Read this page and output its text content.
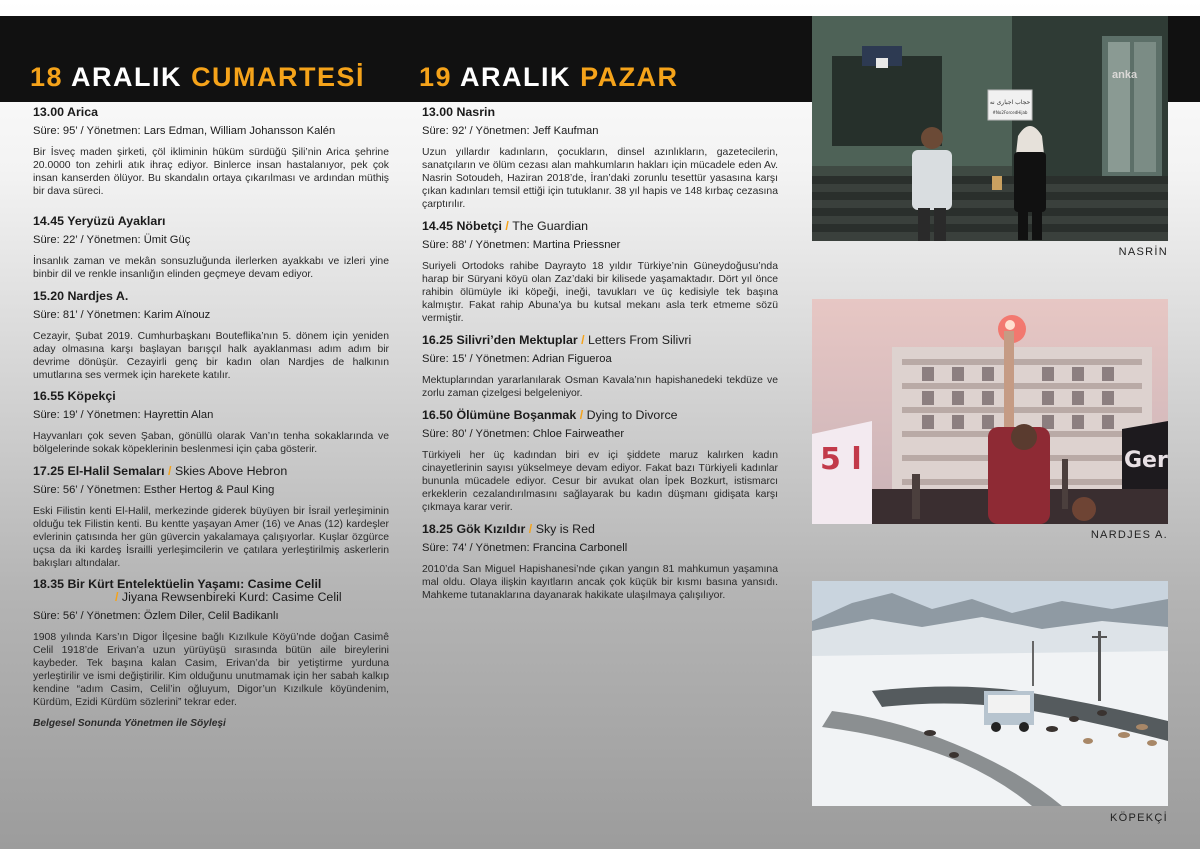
18 ARALIK CUMARTESİ 19 ARALIK PAZAR
13.00 Arica
Süre: 95’ / Yönetmen: Lars Edman, William Johansson Kalén

Bir İsveç maden şirketi, çöl ikliminin hüküm sürdüğü Şili’nin Arica şehrine 20.0000 ton zehirli atık ihraç ediyor. Binlerce insan hastalanıyor, pek çok insan kanserden ölüyor. Bu skandalın ortaya çıkarılması ve ardından müthiş bir dava süreci.

14.45 Yeryüzü Ayakları
Süre: 22’ / Yönetmen: Ümit Güç

İnsanlık zaman ve mekân sonsuzluğunda ilerlerken ayakkabı ve izleri yine binbir dil ve renkle insanlığın elinden geçmeye devam ediyor.

15.20 Nardjes A.
Süre: 81’ / Yönetmen: Karim Aïnouz

Cezayir, Şubat 2019. Cumhurbaşkanı Bouteflika’nın 5. dönem için yeniden aday olmasına karşı başlayan barışçıl halk ayaklanması adım adım bir devrime dönüşür. Cezayirli genç bir kadın olan Nardjes de halkının umutlarına ses vermek için harekete katılır.

16.55 Köpekçi
Süre: 19’ / Yönetmen: Hayrettin Alan

Hayvanları çok seven Şaban, gönüllü olarak Van’ın tenha sokaklarında ve bölgelerinde sokak köpeklerinin beslenmesi için çaba gösterir.

17.25 El-Halil Semaları / Skies Above Hebron
Süre: 56’ / Yönetmen: Esther Hertog & Paul King

Eski Filistin kenti El-Halil, merkezinde giderek büyüyen bir İsrail yerleşiminin olduğu tek Filistin kenti. Bu kentte yaşayan Amer (16) ve Anas (12) kardeşler evlerinin çatısında her gün güvercin yakalamaya çalışıyorlar. Kuşlar özgürce uçsa da iki kardeş İsrailli yerleşimcilerin ve çatılara yerleştirilmiş askerlerin bakışları altındalar.

18.35 Bir Kürt Entelektüelin Yaşamı: Casime Celil
/ Jiyana Rewsenbireki Kurd: Casime Celil
Süre: 56’ / Yönetmen: Özlem Diler, Celil Badikanlı

1908 yılında Kars’ın Digor İlçesine bağlı Kızılkule Köyü’nde doğan Casimê Celil 1918’de Erivan’a uzun yürüyüşü sırasında bütün aile bireylerini kaybeder. Tek başına kalan Casim, Erivan’da bir yetiştirme yurduna yerleştirilir ve ismi değiştirilir. Kim olduğunu unutmamak için her sabah kalkıp kendine “adım Casim, Celil’in oğluyum, Digor’un Kızılkule köyündenim, Kürdüm, Ezidi Kürdüm sözlerini” tekrar eder.

Belgesel Sonunda Yönetmen ile Söyleşi
13.00 Nasrin
Süre: 92’ / Yönetmen: Jeff Kaufman

Uzun yıllardır kadınların, çocukların, dinsel azınlıkların, gazetecilerin, sanatçıların ve ölüm cezası alan mahkumların hakları için mücadele eden Av. Nasrin Sotoudeh, Haziran 2018’de, İran’daki zorunlu tesettür yasasına karşı çıkan kadınları temsil ettiği için tutuklanır. 38 yıl hapis ve 148 kırbaç cezasına çarptırılır.

14.45 Nöbetçi / The Guardian
Süre: 88’ / Yönetmen: Martina Priessner

Suriyeli Ortodoks rahibe Dayrayto 18 yıldır Türkiye’nin Güneydoğusu’nda harap bir Süryani köyü olan Zaz’daki bir kilisede yaşamaktadır. Dört yıl önce rahibin ölümüyle iki köpeği, ineği, tavukları ve üç kedisiyle tek başına kalmıştır. Fakat rahip Abuna’ya bu kutsal mekanı asla terk etmeme sözü vermiştir.

16.25 Silivri’den Mektuplar / Letters From Silivri
Süre: 15’ / Yönetmen: Adrian Figueroa

Mektuplarından yararlanılarak Osman Kavala’nın hapishanedeki tekdüze ve zorlu zaman çizelgesi belgeleniyor.

16.50 Ölümüne Boşanmak / Dying to Divorce
Süre: 80’ / Yönetmen: Chloe Fairweather

Türkiyeli her üç kadından biri ev içi şiddete maruz kalırken kadın cinayetlerinin sayısı yükselmeye devam ediyor. Fakat bazı Türkiyeli kadınlar bununla mücadele ediyor. Cesur bir avukat olan İpek Bozkurt, istismarcı erkeklerin cezalandırılmasını sağlayarak bu kadın düşmanı gidişata karşı çıkmaya karar verir.

18.25 Gök Kızıldır / Sky is Red
Süre: 74’ / Yönetmen: Francina Carbonell

2010’da San Miguel Hapishanesi’nde çıkan yangın 81 mahkumun yaşamına mal oldu. Olaya ilişkin kayıtların ancak çok küçük bir kısmı basına yansıdı. Mahkeme tutanaklarına dayanarak hakikate ulaşılmaya çalışılıyor.

حجاب اجباری نه
#No2ForcedHijab
anka
NASRİN
5 ا	Ger
NARDJES A.
KÖPEKÇİ
